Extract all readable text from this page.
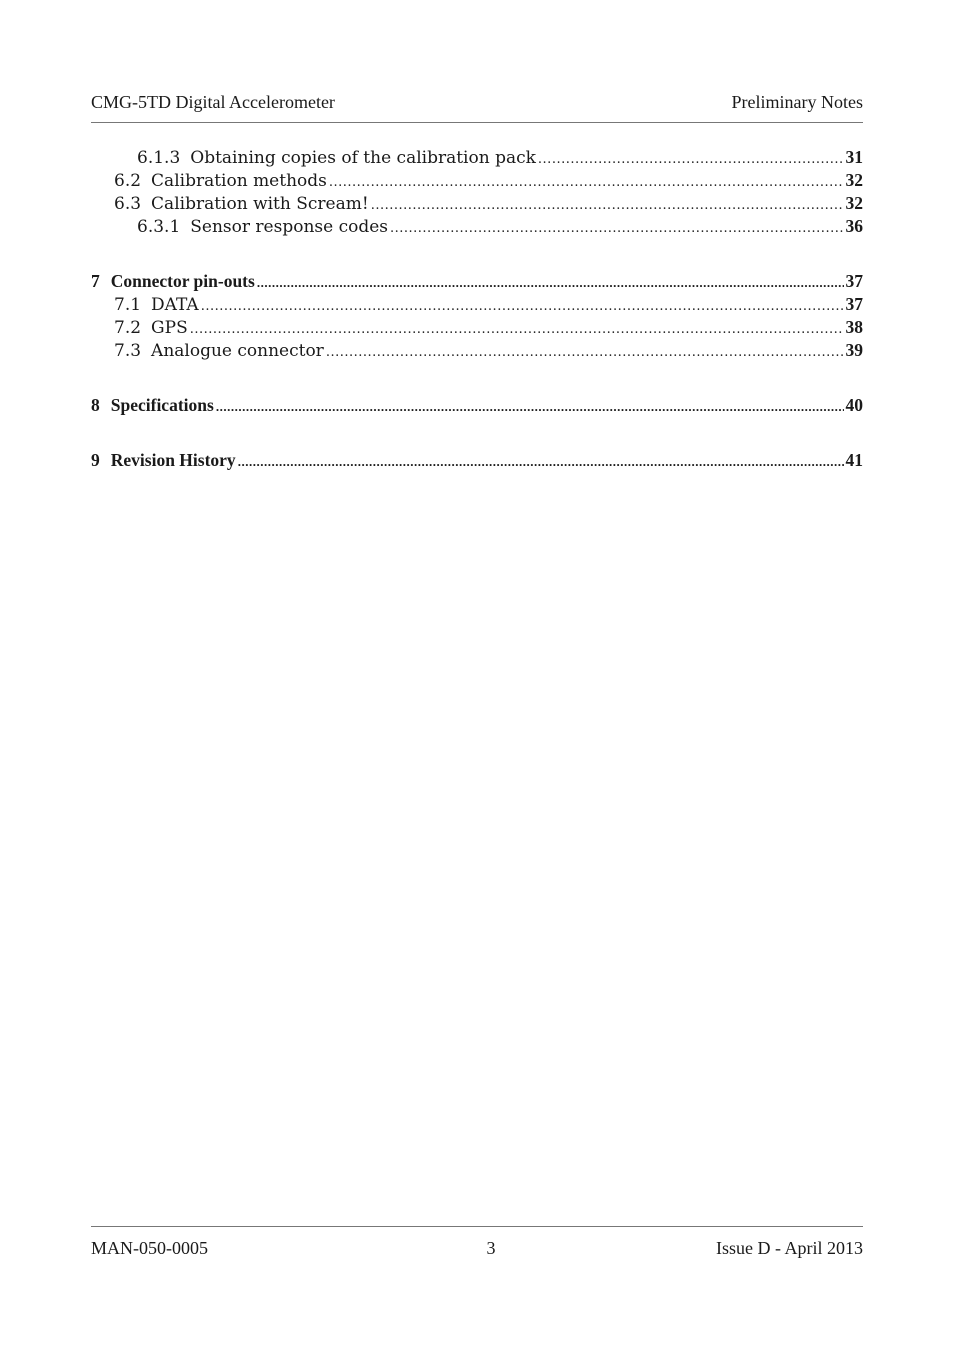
CMG-5TD Digital Accelerometer	Preliminary Notes
6.1.3 Obtaining copies of the calibration pack .....	31
6.2 Calibration methods .....	32
6.3 Calibration with Scream! .....	32
6.3.1 Sensor response codes .....	36
7 Connector pin-outs .....	37
7.1 DATA .....	37
7.2 GPS .....	38
7.3 Analogue connector .....	39
8 Specifications .....	40
9 Revision History .....	41
MAN-050-0005	3	Issue D - April 2013
